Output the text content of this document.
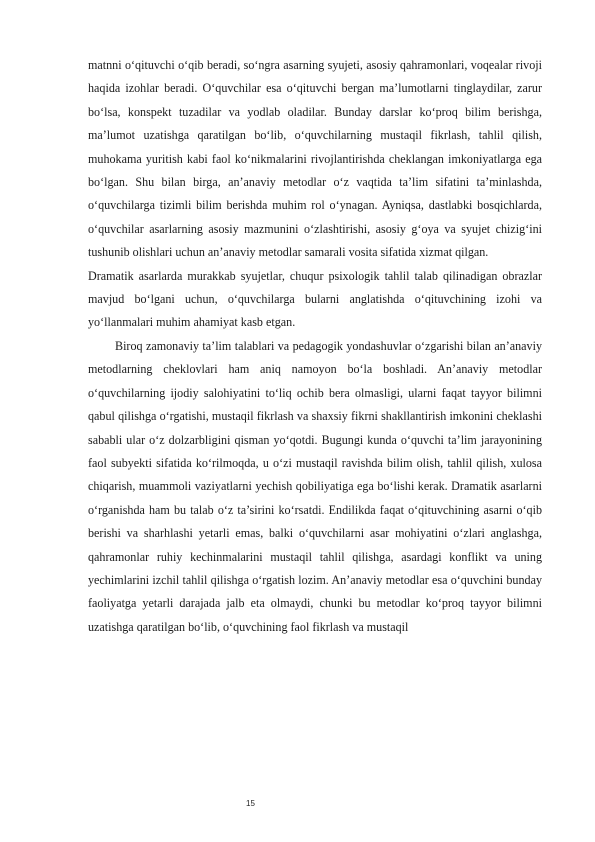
matnni o‘qituvchi o‘qib beradi, so‘ngra asarning syujeti, asosiy qahramonlari, voqealar rivoji haqida izohlar beradi. O‘quvchilar esa o‘qituvchi bergan ma’lumotlarni tinglaydilar, zarur bo‘lsa, konspekt tuzadilar va yodlab oladilar. Bunday darslar ko‘proq bilim berishga, ma’lumot uzatishga qaratilgan bo‘lib, o‘quvchilarning mustaqil fikrlash, tahlil qilish, muhokama yuritish kabi faol ko‘nikmalarini rivojlantirishda cheklangan imkoniyatlarga ega bo‘lgan. Shu bilan birga, an’anaviy metodlar o‘z vaqtida ta’lim sifatini ta’minlashda, o‘quvchilarga tizimli bilim berishda muhim rol o‘ynagan. Ayniqsa, dastlabki bosqichlarda, o‘quvchilar asarlarning asosiy mazmunini o‘zlashtirishi, asosiy g‘oya va syujet chizig‘ini tushunib olishlari uchun an’anaviy metodlar samarali vosita sifatida xizmat qilgan.

Dramatik asarlarda murakkab syujetlar, chuqur psixologik tahlil talab qilinadigan obrazlar mavjud bo‘lgani uchun, o‘quvchilarga bularni anglatishda o‘qituvchining izohi va yo‘llanmalari muhim ahamiyat kasb etgan.

Biroq zamonaviy ta’lim talablari va pedagogik yondashuvlar o‘zgarishi bilan an’anaviy metodlarning cheklovlari ham aniq namoyon bo‘la boshladi. An’anaviy metodlar o‘quvchilarning ijodiy salohiyatini to‘liq ochib bera olmasligi, ularni faqat tayyor bilimni qabul qilishga o‘rgatishi, mustaqil fikrlash va shaxsiy fikrni shakllantirish imkonini cheklashi sababli ular o‘z dolzarbligini qisman yo‘qotdi. Bugungi kunda o‘quvchi ta’lim jarayonining faol subyekti sifatida ko‘rilmoqda, u o‘zi mustaqil ravishda bilim olish, tahlil qilish, xulosa chiqarish, muammoli vaziyatlarni yechish qobiliyatiga ega bo‘lishi kerak. Dramatik asarlarni o‘rganishda ham bu talab o‘z ta’sirini ko‘rsatdi. Endilikda faqat o‘qituvchining asarni o‘qib berishi va sharhlashi yetarli emas, balki o‘quvchilarni asar mohiyatini o‘zlari anglashga, qahramonlar ruhiy kechinmalarini mustaqil tahlil qilishga, asardagi konflikt va uning yechimlarini izchil tahlil qilishga o‘rgatish lozim. An’anaviy metodlar esa o‘quvchini bunday faoliyatga yetarli darajada jalb eta olmaydi, chunki bu metodlar ko‘proq tayyor bilimni uzatishga qaratilgan bo‘lib, o‘quvchining faol fikrlash va mustaqil

15
